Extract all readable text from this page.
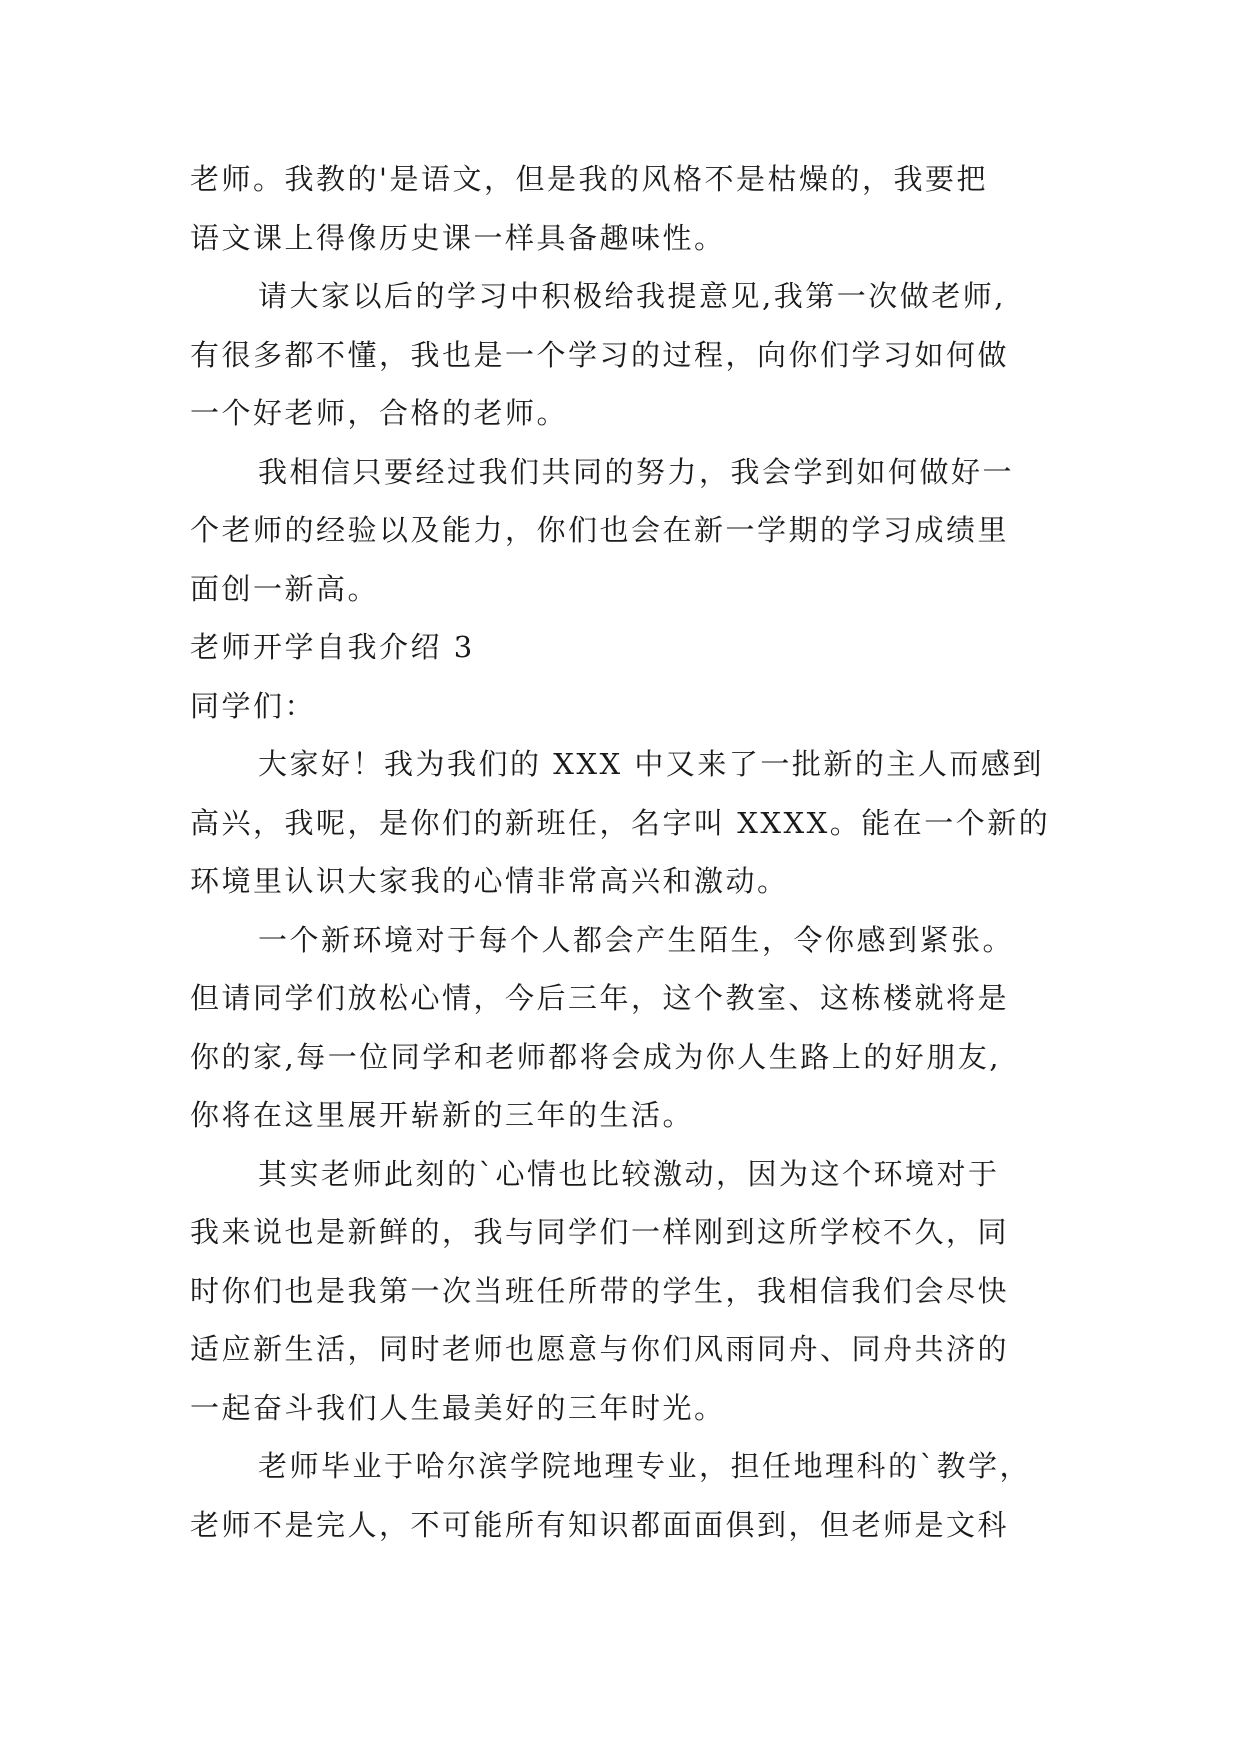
老师。我教的'是语文，但是我的风格不是枯燥的，我要把
语文课上得像历史课一样具备趣味性。
请大家以后的学习中积极给我提意见,我第一次做老师,
有很多都不懂，我也是一个学习的过程，向你们学习如何做
一个好老师，合格的老师。
我相信只要经过我们共同的努力，我会学到如何做好一
个老师的经验以及能力，你们也会在新一学期的学习成绩里
面创一新高。
老师开学自我介绍 3
同学们：
大家好！我为我们的 XXX 中又来了一批新的主人而感到
高兴，我呢，是你们的新班任，名字叫 XXXX。能在一个新的
环境里认识大家我的心情非常高兴和激动。
一个新环境对于每个人都会产生陌生，令你感到紧张。
但请同学们放松心情，今后三年，这个教室、这栋楼就将是
你的家,每一位同学和老师都将会成为你人生路上的好朋友,
你将在这里展开崭新的三年的生活。
其实老师此刻的`心情也比较激动，因为这个环境对于
我来说也是新鲜的，我与同学们一样刚到这所学校不久，同
时你们也是我第一次当班任所带的学生，我相信我们会尽快
适应新生活，同时老师也愿意与你们风雨同舟、同舟共济的
一起奋斗我们人生最美好的三年时光。
老师毕业于哈尔滨学院地理专业，担任地理科的`教学，
老师不是完人，不可能所有知识都面面俱到，但老师是文科
